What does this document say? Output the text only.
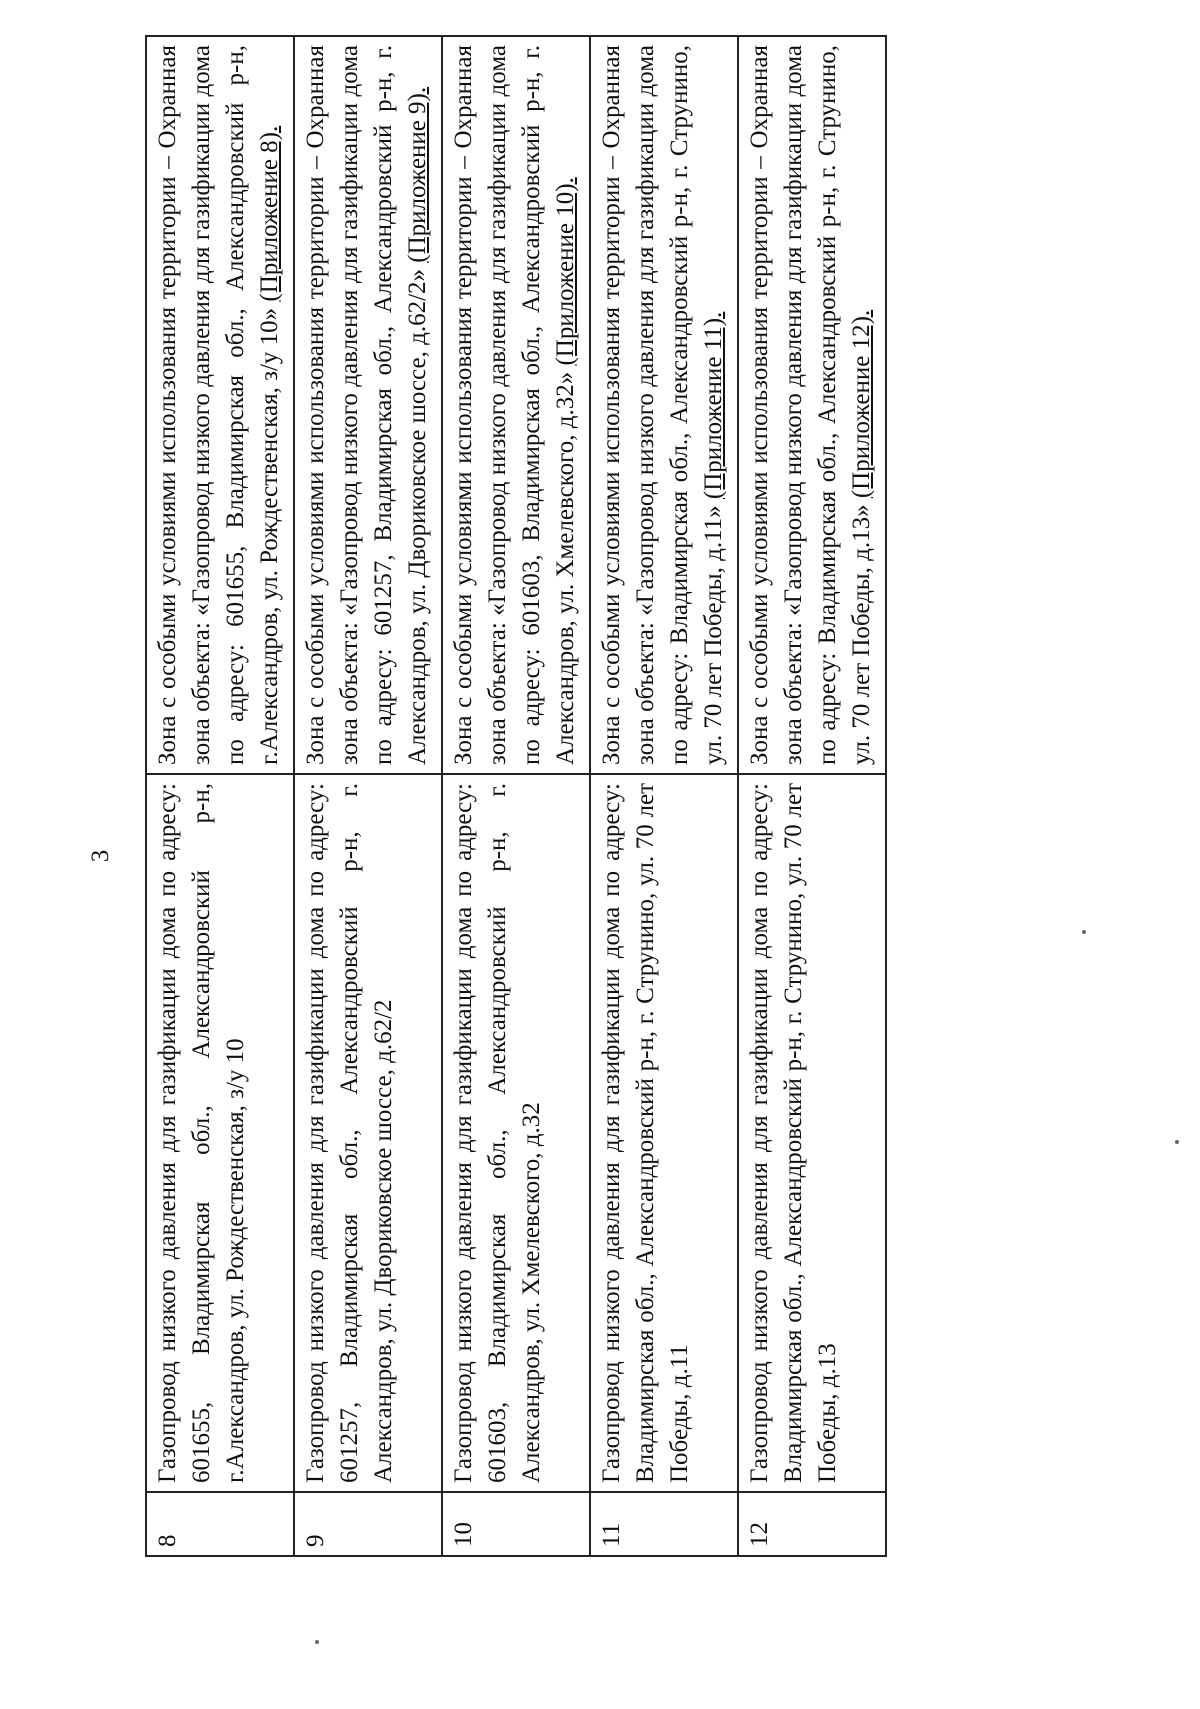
3
8	Газопровод низкого давления для газификации дома по адресу: 601655, Владимирская обл., Александровский р-н, г.Александров, ул. Рождественская, з/у 10	Зона с особыми условиями использования территории – Охранная зона объекта: «Газопровод низкого давления для газификации дома по адресу: 601655, Владимирская обл., Александровский р-н, г.Александров, ул. Рождественская, з/у 10» (Приложение 8).
9	Газопровод низкого давления для газификации дома по адресу: 601257, Владимирская обл., Александровский р-н, г. Александров, ул. Двориковское шоссе, д.62/2	Зона с особыми условиями использования территории – Охранная зона объекта: «Газопровод низкого давления для газификации дома по адресу: 601257, Владимирская обл., Александровский р-н, г. Александров, ул. Двориковское шоссе, д.62/2» (Приложение 9).
10	Газопровод низкого давления для газификации дома по адресу: 601603, Владимирская обл., Александровский р-н, г. Александров, ул. Хмелевского, д.32	Зона с особыми условиями использования территории – Охранная зона объекта: «Газопровод низкого давления для газификации дома по адресу: 601603, Владимирская обл., Александровский р-н, г. Александров, ул. Хмелевского, д.32» (Приложение 10).
11	Газопровод низкого давления для газификации дома по адресу: Владимирская обл., Александровский р-н, г. Струнино, ул. 70 лет Победы, д.11	Зона с особыми условиями использования территории – Охранная зона объекта: «Газопровод низкого давления для газификации дома по адресу: Владимирская обл., Александровский р-н, г. Струнино, ул. 70 лет Победы, д.11» (Приложение 11).
12	Газопровод низкого давления для газификации дома по адресу: Владимирская обл., Александровский р-н, г. Струнино, ул. 70 лет Победы, д.13	Зона с особыми условиями использования территории – Охранная зона объекта: «Газопровод низкого давления для газификации дома по адресу: Владимирская обл., Александровский р-н, г. Струнино, ул. 70 лет Победы, д.13» (Приложение 12).
